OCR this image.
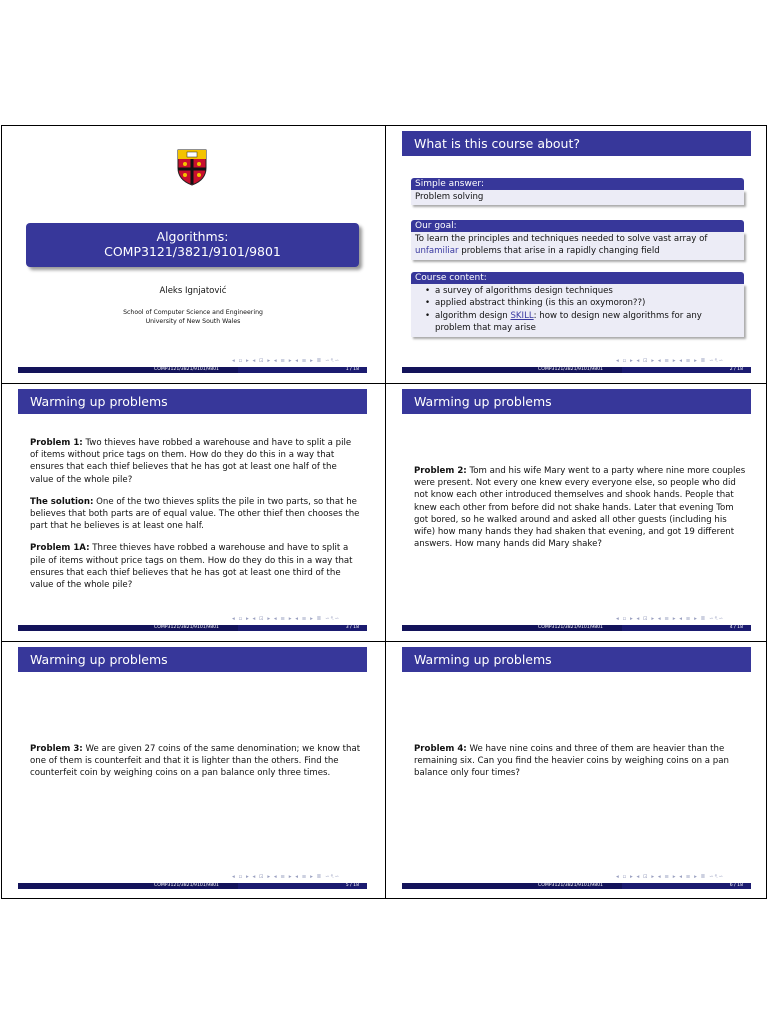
Algorithms:
COMP3121/3821/9101/9801
Aleks Ignjatović
School of Computer Science and Engineering
University of New South Wales
◂ ▫ ▸ ◂ ⊡ ▸ ◂ ≡ ▸ ◂ ≡ ▸ ≣ ∽ৎ∽
COMP3121/3821/9101/9801	1 / 18
What is this course about?
Simple answer:
Problem solving
Our goal:
To learn the principles and techniques needed to solve vast array of
unfamiliar problems that arise in a rapidly changing field
Course content:
• a survey of algorithms design techniques
• applied abstract thinking (is this an oxymoron??)
• algorithm design SKILL: how to design new algorithms for any problem that may arise
◂ ▫ ▸ ◂ ⊡ ▸ ◂ ≡ ▸ ◂ ≡ ▸ ≣ ∽ৎ∽
COMP3121/3821/9101/9801	2 / 18
Warming up problems

Problem 1: Two thieves have robbed a warehouse and have to split a pile of items without price tags on them. How do they do this in a way that ensures that each thief believes that he has got at least one half of the value of the whole pile?

The solution: One of the two thieves splits the pile in two parts, so that he believes that both parts are of equal value. The other thief then chooses the part that he believes is at least one half.

Problem 1A: Three thieves have robbed a warehouse and have to split a pile of items without price tags on them. How do they do this in a way that ensures that each thief believes that he has got at least one third of the value of the whole pile?

◂ ▫ ▸ ◂ ⊡ ▸ ◂ ≡ ▸ ◂ ≡ ▸ ≣ ∽ৎ∽
COMP3121/3821/9101/9801	3 / 18
Warming up problems

Problem 2: Tom and his wife Mary went to a party where nine more couples were present. Not every one knew every everyone else, so people who did not know each other introduced themselves and shook hands. People that knew each other from before did not shake hands. Later that evening Tom got bored, so he walked around and asked all other guests (including his wife) how many hands they had shaken that evening, and got 19 different answers. How many hands did Mary shake?

◂ ▫ ▸ ◂ ⊡ ▸ ◂ ≡ ▸ ◂ ≡ ▸ ≣ ∽ৎ∽
COMP3121/3821/9101/9801	4 / 18
Warming up problems

Problem 3: We are given 27 coins of the same denomination; we know that one of them is counterfeit and that it is lighter than the others. Find the counterfeit coin by weighing coins on a pan balance only three times.

◂ ▫ ▸ ◂ ⊡ ▸ ◂ ≡ ▸ ◂ ≡ ▸ ≣ ∽ৎ∽
COMP3121/3821/9101/9801	5 / 18
Warming up problems

Problem 4: We have nine coins and three of them are heavier than the remaining six. Can you find the heavier coins by weighing coins on a pan balance only four times?

◂ ▫ ▸ ◂ ⊡ ▸ ◂ ≡ ▸ ◂ ≡ ▸ ≣ ∽ৎ∽
COMP3121/3821/9101/9801	6 / 18
